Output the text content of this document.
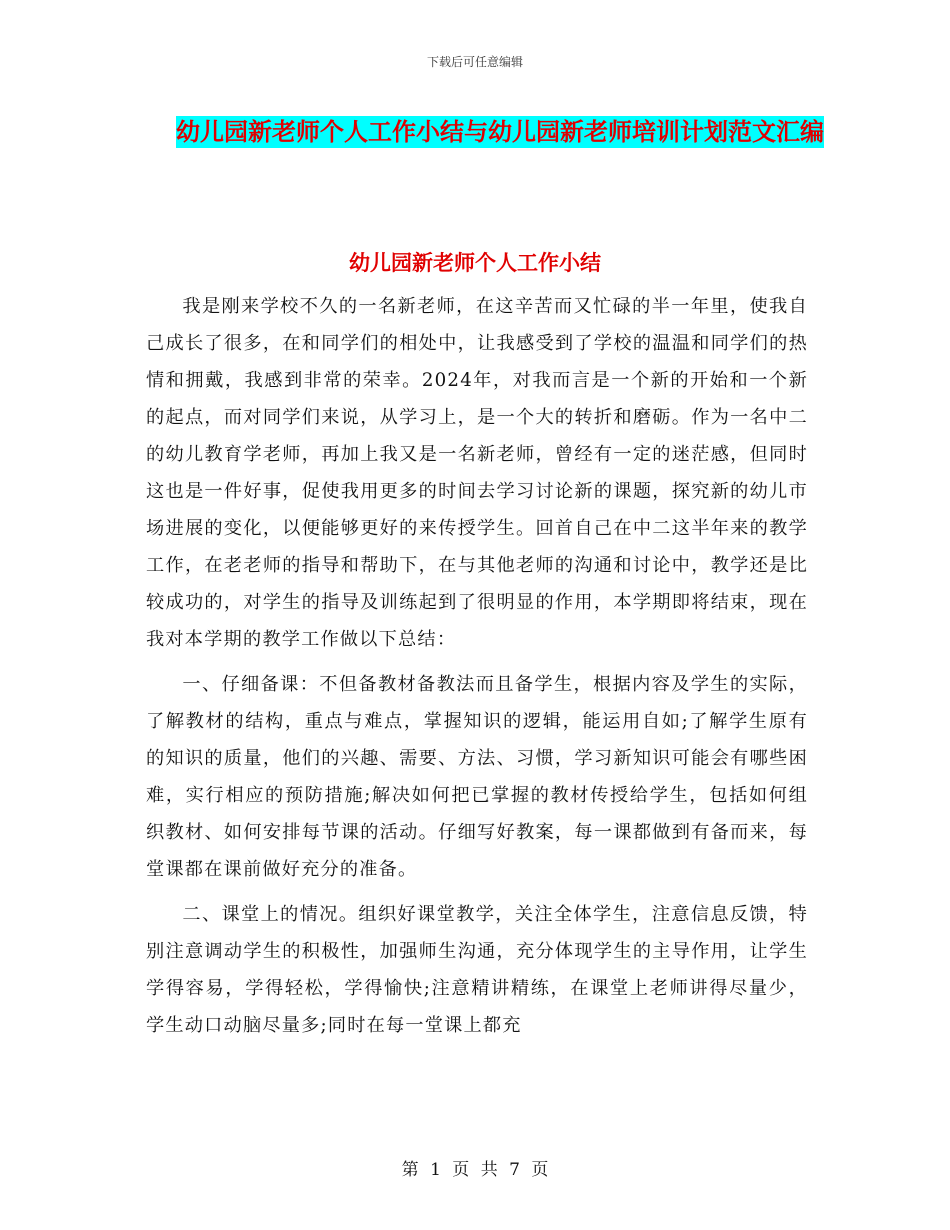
下载后可任意编辑
幼儿园新老师个人工作小结与幼儿园新老师培训计划范文汇编
幼儿园新老师个人工作小结

我是刚来学校不久的一名新老师，在这辛苦而又忙碌的半一年里，使我自己成长了很多，在和同学们的相处中，让我感受到了学校的温温和同学们的热情和拥戴，我感到非常的荣幸。2024年，对我而言是一个新的开始和一个新的起点，而对同学们来说，从学习上，是一个大的转折和磨砺。作为一名中二的幼儿教育学老师，再加上我又是一名新老师，曾经有一定的迷茫感，但同时这也是一件好事，促使我用更多的时间去学习讨论新的课题，探究新的幼儿市场进展的变化，以便能够更好的来传授学生。回首自己在中二这半年来的教学工作，在老老师的指导和帮助下，在与其他老师的沟通和讨论中，教学还是比较成功的，对学生的指导及训练起到了很明显的作用，本学期即将结束，现在我对本学期的教学工作做以下总结：

一、仔细备课：不但备教材备教法而且备学生，根据内容及学生的实际，了解教材的结构，重点与难点，掌握知识的逻辑，能运用自如;了解学生原有的知识的质量，他们的兴趣、需要、方法、习惯，学习新知识可能会有哪些困难，实行相应的预防措施;解决如何把已掌握的教材传授给学生，包括如何组织教材、如何安排每节课的活动。仔细写好教案，每一课都做到有备而来，每堂课都在课前做好充分的准备。

二、课堂上的情况。组织好课堂教学，关注全体学生，注意信息反馈，特别注意调动学生的积极性，加强师生沟通，充分体现学生的主导作用，让学生学得容易，学得轻松，学得愉快;注意精讲精练，在课堂上老师讲得尽量少，学生动口动脑尽量多;同时在每一堂课上都充

第 1 页 共 7 页
